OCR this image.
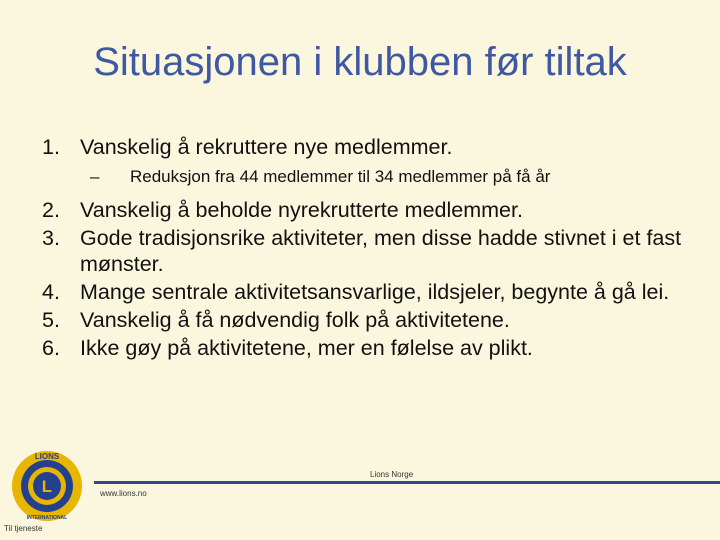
Situasjonen i klubben før tiltak
1. Vanskelig å rekruttere nye medlemmer.
–	Reduksjon fra 44 medlemmer til 34 medlemmer på få år
2. Vanskelig å beholde nyrekrutterte medlemmer.
3. Gode tradisjonsrike aktiviteter, men disse hadde stivnet i et fast mønster.
4. Mange sentrale aktivitetsansvarlige, ildsjeler, begynte å gå lei.
5. Vanskelig å få nødvendig folk på aktivitetene.
6. Ikke gøy på aktivitetene, mer en følelse av plikt.
L
LIONS
INTERNATIONAL
Lions Norge
www.lions.no
Til tjeneste
